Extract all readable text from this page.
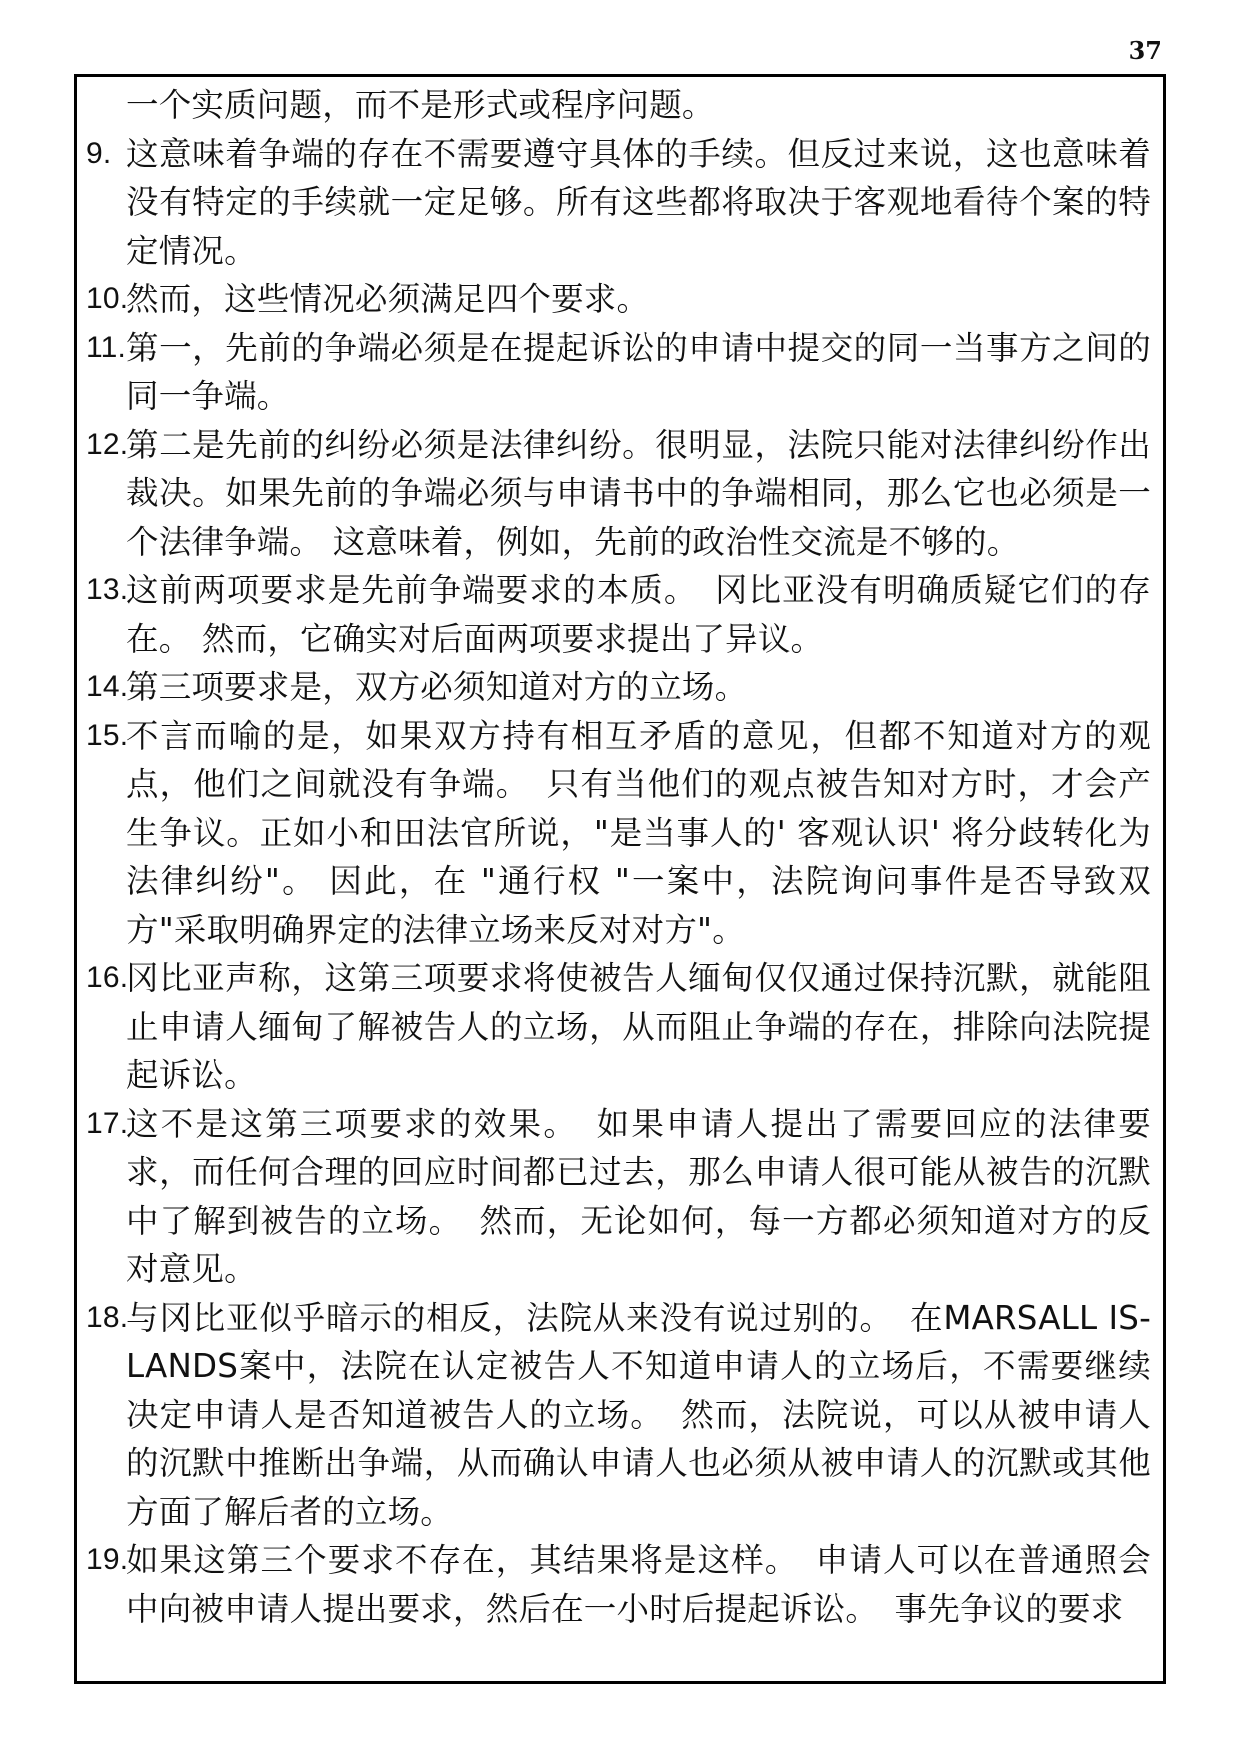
37
一个实质问题，而不是形式或程序问题。
9. 这意味着争端的存在不需要遵守具体的手续。但反过来说，这也意味着没有特定的手续就一定足够。所有这些都将取决于客观地看待个案的特定情况。
10.
然而，这些情况必须满足四个要求。
11. 第一，先前的争端必须是在提起诉讼的申请中提交的同一当事方之间的同一争端。
12.
第二是先前的纠纷必须是法律纠纷。很明显，法院只能对法律纠纷作出裁决。如果先前的争端必须与申请书中的争端相同，那么它也必须是一个法律争端。 这意味着，例如，先前的政治性交流是不够的。
13.
这前两项要求是先前争端要求的本质。　冈比亚没有明确质疑它们的存在。 然而，它确实对后面两项要求提出了异议。
14.
第三项要求是，双方必须知道对方的立场。
15.
不言而喻的是，如果双方持有相互矛盾的意见，但都不知道对方的观点，他们之间就没有争端。　只有当他们的观点被告知对方时，才会产生争议。正如小和田法官所说，"是当事人的' 客观认识' 将分歧转化为法律纠纷"。 因此，在 "通行权 "一案中，法院询问事件是否导致双方"采取明确界定的法律立场来反对对方"。
16.
冈比亚声称，这第三项要求将使被告人缅甸仅仅通过保持沉默，就能阻止申请人缅甸了解被告人的立场，从而阻止争端的存在，排除向法院提起诉讼。
17.
这不是这第三项要求的效果。　如果申请人提出了需要回应的法律要求，而任何合理的回应时间都已过去，那么申请人很可能从被告的沉默中了解到被告的立场。　然而，无论如何，每一方都必须知道对方的反对意见。
18.
与冈比亚似乎暗示的相反，法院从来没有说过别的。　在MARSALL IS-LANDS案中，法院在认定被告人不知道申请人的立场后，不需要继续决定申请人是否知道被告人的立场。　然而，法院说，可以从被申请人的沉默中推断出争端，从而确认申请人也必须从被申请人的沉默或其他方面了解后者的立场。
19.
如果这第三个要求不存在，其结果将是这样。　申请人可以在普通照会中向被申请人提出要求，然后在一小时后提起诉讼。　事先争议的要求
